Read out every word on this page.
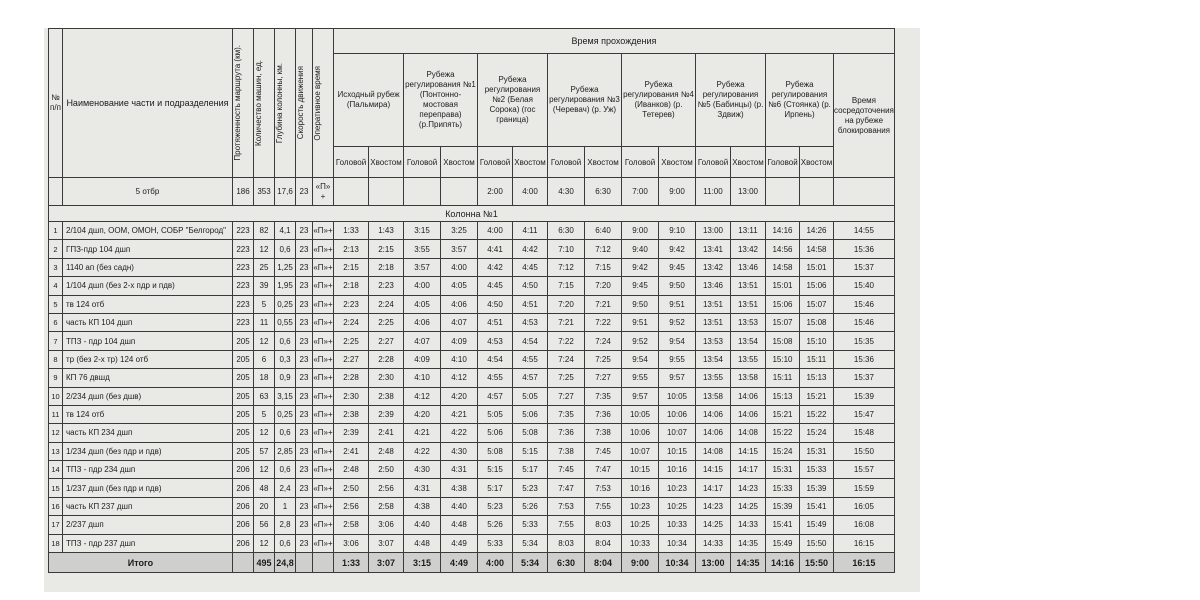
№ п/п	Наименование части и подразделения	Протяженность маршрута (км).	Количество машин, ед.	Глубина колонны, км.	Скорость движения	Оперативное время	Время прохождения														
							Исходный рубеж (Пальмира)		Рубежа регулирования №1 (Понтонно-мостовая переправа) (р.Припять)		Рубежа регулирования №2 (Белая Сорока) (гос граница)		Рубежа регулирования №3 (Черевач) (р. Уж)		Рубежа регулирования №4 (Иванков) (р. Тетерев)		Рубежа регулирования №5 (Бабинцы) (р. Здвиж)		Рубежа регулирования №6 (Стоянка) (р. Ирпень)		Время сосредоточения на рубеже блокирования
							Головой	Хвостом	Головой	Хвостом	Головой	Хвостом	Головой	Хвостом	Головой	Хвостом	Головой	Хвостом	Головой	Хвостом	
	5 отбр	186	353	17,6	23	«П» +					2:00	4:00	4:30	6:30	7:00	9:00	11:00	13:00			
Колонна №1																					
1	2/104 дшп, ООМ, ОМОН, СОБР "Белгород"	223	82	4,1	23	«П»+	1:33	1:43	3:15	3:25	4:00	4:11	6:30	6:40	9:00	9:10	13:00	13:11	14:16	14:26	14:55
2	ГПЗ-пдр 104 дшп	223	12	0,6	23	«П»+	2:13	2:15	3:55	3:57	4:41	4:42	7:10	7:12	9:40	9:42	13:41	13:42	14:56	14:58	15:36
3	1140 ап (без садн)	223	25	1,25	23	«П»+	2:15	2:18	3:57	4:00	4:42	4:45	7:12	7:15	9:42	9:45	13:42	13:46	14:58	15:01	15:37
4	1/104 дшп (без 2-х пдр и пдв)	223	39	1,95	23	«П»+	2:18	2:23	4:00	4:05	4:45	4:50	7:15	7:20	9:45	9:50	13:46	13:51	15:01	15:06	15:40
5	тв 124 отб	223	5	0,25	23	«П»+	2:23	2:24	4:05	4:06	4:50	4:51	7:20	7:21	9:50	9:51	13:51	13:51	15:06	15:07	15:46
6	часть КП 104 дшп	223	11	0,55	23	«П»+	2:24	2:25	4:06	4:07	4:51	4:53	7:21	7:22	9:51	9:52	13:51	13:53	15:07	15:08	15:46
7	ТПЗ - пдр 104 дшп	205	12	0,6	23	«П»+	2:25	2:27	4:07	4:09	4:53	4:54	7:22	7:24	9:52	9:54	13:53	13:54	15:08	15:10	15:35
8	тр (без 2-х тр) 124 отб	205	6	0,3	23	«П»+	2:27	2:28	4:09	4:10	4:54	4:55	7:24	7:25	9:54	9:55	13:54	13:55	15:10	15:11	15:36
9	КП 76 двшд	205	18	0,9	23	«П»+	2:28	2:30	4:10	4:12	4:55	4:57	7:25	7:27	9:55	9:57	13:55	13:58	15:11	15:13	15:37
10	2/234 дшп (без дшв)	205	63	3,15	23	«П»+	2:30	2:38	4:12	4:20	4:57	5:05	7:27	7:35	9:57	10:05	13:58	14:06	15:13	15:21	15:39
11	тв 124 отб	205	5	0,25	23	«П»+	2:38	2:39	4:20	4:21	5:05	5:06	7:35	7:36	10:05	10:06	14:06	14:06	15:21	15:22	15:47
12	часть КП 234 дшп	205	12	0,6	23	«П»+	2:39	2:41	4:21	4:22	5:06	5:08	7:36	7:38	10:06	10:07	14:06	14:08	15:22	15:24	15:48
13	1/234 дшп (без пдр и пдв)	205	57	2,85	23	«П»+	2:41	2:48	4:22	4:30	5:08	5:15	7:38	7:45	10:07	10:15	14:08	14:15	15:24	15:31	15:50
14	ТПЗ - пдр 234 дшп	206	12	0,6	23	«П»+	2:48	2:50	4:30	4:31	5:15	5:17	7:45	7:47	10:15	10:16	14:15	14:17	15:31	15:33	15:57
15	1/237 дшп (без пдр и пдв)	206	48	2,4	23	«П»+	2:50	2:56	4:31	4:38	5:17	5:23	7:47	7:53	10:16	10:23	14:17	14:23	15:33	15:39	15:59
16	часть КП 237 дшп	206	20	1	23	«П»+	2:56	2:58	4:38	4:40	5:23	5:26	7:53	7:55	10:23	10:25	14:23	14:25	15:39	15:41	16:05
17	2/237 дшп	206	56	2,8	23	«П»+	2:58	3:06	4:40	4:48	5:26	5:33	7:55	8:03	10:25	10:33	14:25	14:33	15:41	15:49	16:08
18	ТПЗ - пдр 237 дшп	206	12	0,6	23	«П»+	3:06	3:07	4:48	4:49	5:33	5:34	8:03	8:04	10:33	10:34	14:33	14:35	15:49	15:50	16:15
Итого			495	24,8			1:33	3:07	3:15	4:49	4:00	5:34	6:30	8:04	9:00	10:34	13:00	14:35	14:16	15:50	16:15
